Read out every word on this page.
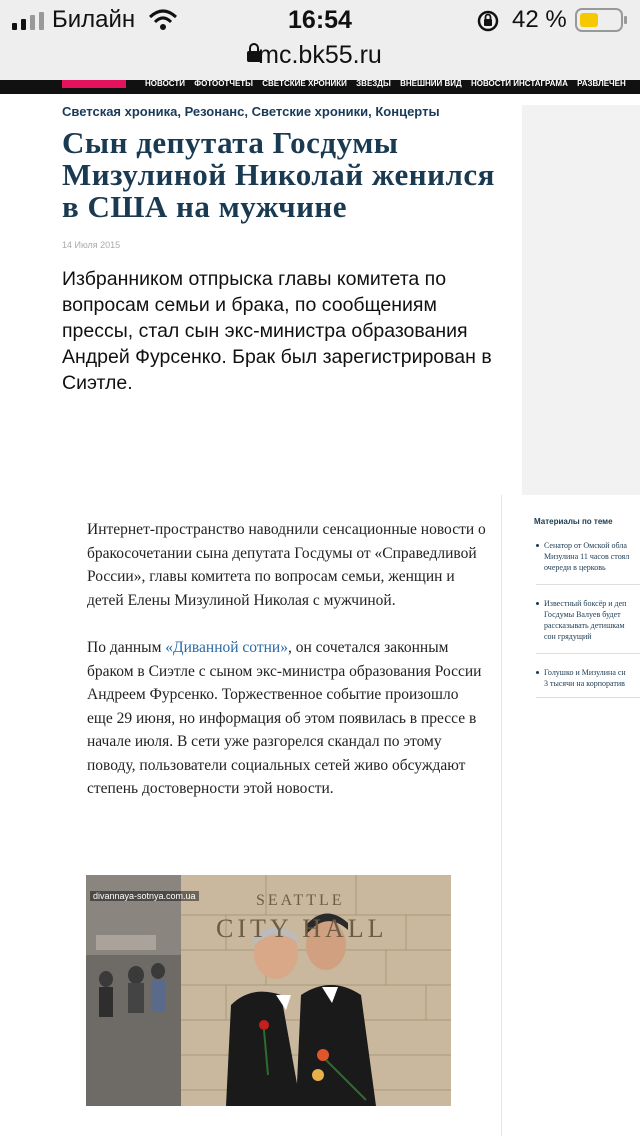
Билайн	16:54	42 %
mc.bk55.ru
НОВОСТИ ФОТООТЧЕТЫ СВЕТСКИЕ ХРОНИКИ ЗВЕЗДЫ ВНЕШНИЙ ВИД НОВОСТИ ИНСТАГРАМА РАЗВЛЕЧЕН
Светская хроника, Резонанс, Светские хроники, Концерты
Сын депутата Госдумы Мизулиной Николай женился в США на мужчине
14 Июля 2015
Избранником отпрыска главы комитета по вопросам семьи и брака, по сообщениям прессы, стал сын экс-министра образования Андрей Фурсенко. Брак был зарегистрирован в Сиэтле.

Интернет-пространство наводнили сенсационные новости о бракосочетании сына депутата Госдумы от «Справедливой России», главы комитета по вопросам семьи, женщин и детей Елены Мизулиной Николая с мужчиной.

По данным «Диванной сотни», он сочетался законным браком в Сиэтле с сыном экс-министра образования России Андреем Фурсенко. Торжественное событие произошло еще 29 июня, но информация об этом появилась в прессе в начале июля. В сети уже разгорелся скандал по этому поводу, пользователи социальных сетей живо обсуждают степень достоверности этой новости.

SEATTLE
CITY HALL
divannaya-sotnya.com.ua
Материалы по теме
Сенатор от Омской обла
Мизулина 11 часов стоял
очереди в церковь
Известный боксёр и деп
Госдумы Валуев будет
рассказывать детишкам
сон грядущий
Голушко и Мизулина сн
3 тысячи на корпоратив
